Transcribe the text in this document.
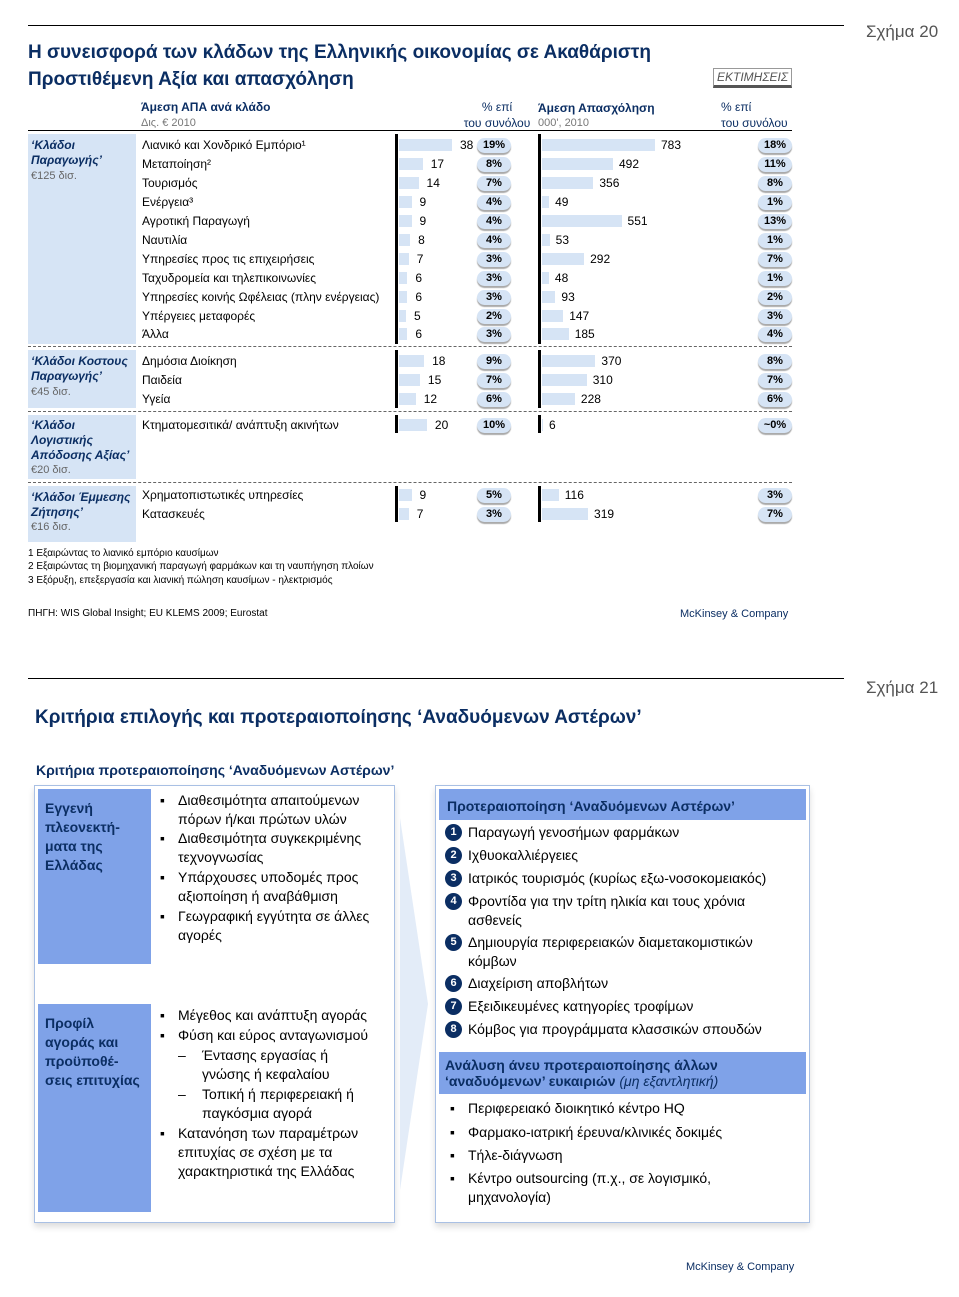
Σχήμα 20
Η συνεισφορά των κλάδων της Ελληνικής οικονομίας σε Ακαθάριστη
Προστιθέμενη Αξία και απασχόληση	ΕΚΤΙΜΗΣΕΙΣ
Άμεση ΑΠΑ ανά κλάδο
Δις. € 2010
% επί
του συνόλου
Άμεση Απασχόληση
000', 2010
% επί
του συνόλου
‘Κλάδοι
Παραγωγής’
€125 δισ.
‘Κλάδοι Κοστους
Παραγωγής’
€45 δισ.
‘Κλάδοι
Λογιστικής
Απόδοσης Αξίας’
€20 δισ.
‘Κλάδοι Έμμεσης
Ζήτησης’
€16 δισ.
Λιανικό και Χονδρικό Εμπόριο¹	38 19%	783	18%
Μεταποίηση²	17	8%	492	11%
Τουρισμός	14	7%	356	8%
Ενέργεια³	9	4%	49	1%
Αγροτική Παραγωγή	9	4%	551	13%
Ναυτιλία	8	4%	53	1%
Υπηρεσίες προς τις επιχειρήσεις	7	3%	292	7%
Ταχυδρομεία και τηλεπικοινωνίες	6	3%	48	1%
Υπηρεσίες κοινής Ωφέλειας (πλην ενέργειας)	6	3%	93	2%
Υπέργειες μεταφορές	5	2%	147	3%
Άλλα	6	3%	185	4%
Δημόσια Διοίκηση	18	9%	370	8%
Παιδεία	15	7%	310	7%
Υγεία	12	6%	228	6%
Κτηματομεσιτικά/ ανάπτυξη ακινήτων	20	10%	6	~0%
Χρηματοπιστωτικές υπηρεσίες	9	5%	116	3%
Κατασκευές	7	3%	319	7%
1 Εξαιρώντας το λιανικό εμπόριο καυσίμων
2 Εξαιρώντας τη βιομηχανική παραγωγή φαρμάκων και τη ναυπήγηση πλοίων
3 Εξόρυξη, επεξεργασία και λιανική πώληση καυσίμων - ηλεκτρισμός
ΠΗΓΗ: WIS Global Insight; EU KLEMS 2009; Eurostat	McKinsey & Company
Σχήμα 21
Κριτήρια επιλογής και προτεραιοποίησης ‘Αναδυόμενων Αστέρων’
Κριτήρια προτεραιοποίησης ‘Αναδυόμενων Αστέρων’
Εγγενή πλεονεκτή-ματα της Ελλάδας
Προφίλ αγοράς και προϋποθέ-σεις επιτυχίας
▪ Διαθεσιμότητα απαιτούμενων πόρων ή/και πρώτων υλών
▪ Διαθεσιμότητα συγκεκριμένης τεχνογνωσίας
▪ Υπάρχουσες υποδομές προς αξιοποίηση ή αναβάθμιση
▪ Γεωγραφική εγγύτητα σε άλλες αγορές
▪ Μέγεθος και ανάπτυξη αγοράς
▪ Φύση και εύρος ανταγωνισμού
– Έντασης εργασίας ή γνώσης ή κεφαλαίου
– Τοπική ή περιφερειακή ή παγκόσμια αγορά
▪ Κατανόηση των παραμέτρων επιτυχίας σε σχέση με τα χαρακτηριστικά της Ελλάδας
Προτεραιοποίηση ‘Αναδυόμενων Αστέρων’
1 Παραγωγή γενοσήμων φαρμάκων
2 Ιχθυοκαλλιέργειες
3 Ιατρικός τουρισμός (κυρίως εξω-νοσοκομειακός)
4 Φροντίδα για την τρίτη ηλικία και τους χρόνια ασθενείς
5 Δημιουργία περιφερειακών διαμετακομιστικών κόμβων
6 Διαχείριση αποβλήτων
7 Εξειδικευμένες κατηγορίες τροφίμων
8 Κόμβος για προγράμματα κλασσικών σπουδών
Ανάλυση άνευ προτεραιοποίησης άλλων ‘αναδυόμενων’ ευκαιριών (μη εξαντλητική)
▪ Περιφερειακό διοικητικό κέντρο HQ
▪ Φαρμακο-ιατρική έρευνα/κλινικές δοκιμές
▪ Τήλε-διάγνωση
▪ Κέντρο outsourcing (π.χ., σε λογισμικό, μηχανολογία)
McKinsey & Company
